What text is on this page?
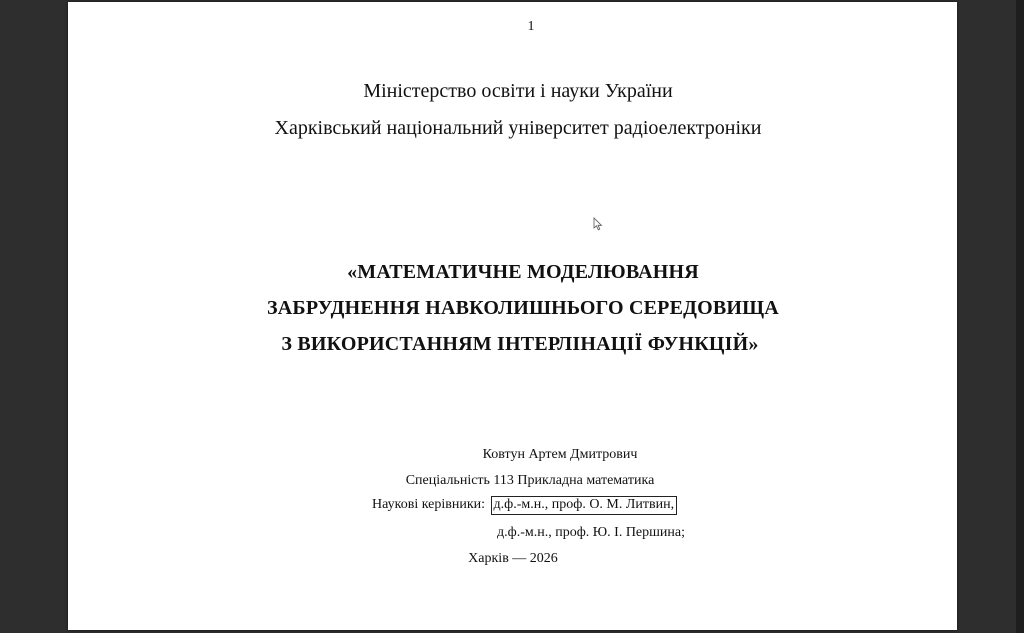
1
Міністерство освіти і науки України
Харківський національний університет радіоелектроніки
«МАТЕМАТИЧНЕ МОДЕЛЮВАННЯ
ЗАБРУДНЕННЯ НАВКОЛИШНЬОГО СЕРЕДОВИЩА
З ВИКОРИСТАННЯМ ІНТЕРЛІНАЦІЇ ФУНКЦІЙ»
Ковтун Артем Дмитрович
Спеціальність 113 Прикладна математика
Наукові керівники: д.ф.-м.н., проф. О. М. Литвин,
д.ф.-м.н., проф. Ю. І. Першина;
Харків — 2026
